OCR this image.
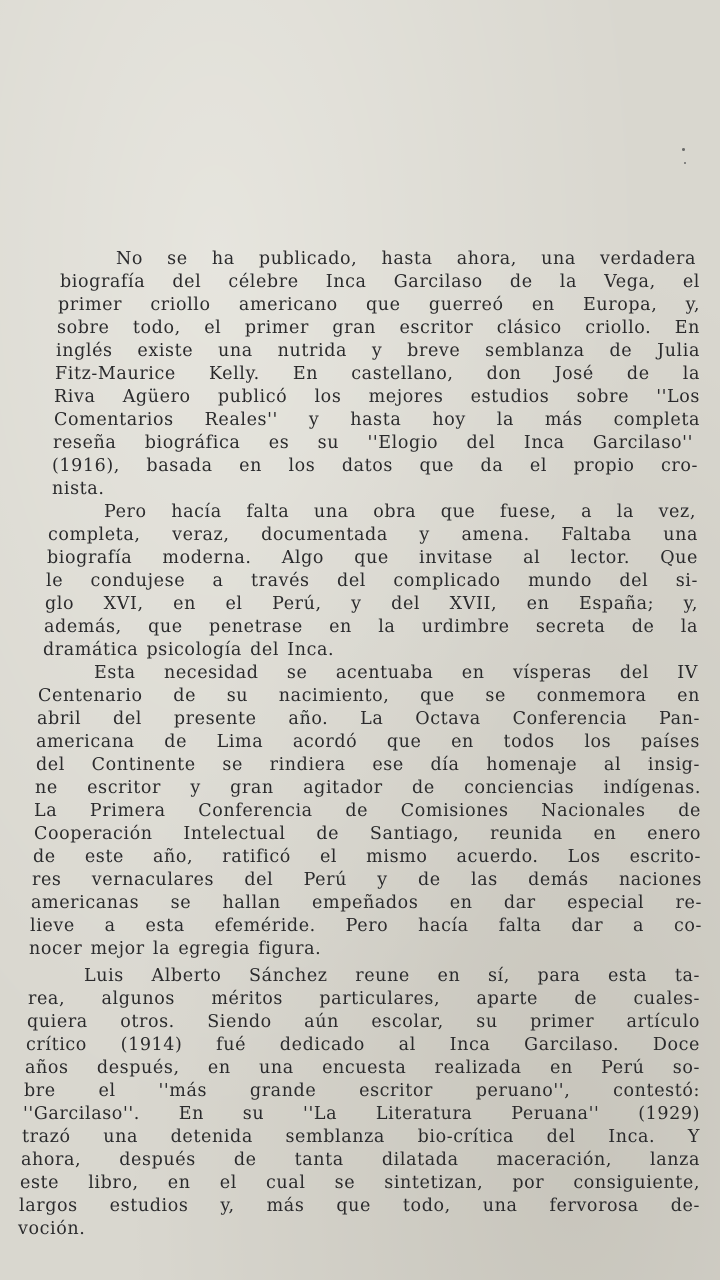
No se ha publicado, hasta ahora, una verdadera
biografía del célebre Inca Garcilaso de la Vega, el
primer criollo americano que guerreó en Europa, y,
sobre todo, el primer gran escritor clásico criollo. En
inglés existe una nutrida y breve semblanza de Julia
Fitz-Maurice Kelly. En castellano, don José de la
Riva Agüero publicó los mejores estudios sobre ''Los
Comentarios Reales'' y hasta hoy la más completa
reseña biográfica es su ''Elogio del Inca Garcilaso''
(1916), basada en los datos que da el propio cro-
nista.
Pero hacía falta una obra que fuese, a la vez,
completa, veraz, documentada y amena. Faltaba una
biografía moderna. Algo que invitase al lector. Que
le condujese a través del complicado mundo del si-
glo XVI, en el Perú, y del XVII, en España; y,
además, que penetrase en la urdimbre secreta de la
dramática psicología del Inca.
Esta necesidad se acentuaba en vísperas del IV
Centenario de su nacimiento, que se conmemora en
abril del presente año. La Octava Conferencia Pan-
americana de Lima acordó que en todos los países
del Continente se rindiera ese día homenaje al insig-
ne escritor y gran agitador de conciencias indígenas.
La Primera Conferencia de Comisiones Nacionales de
Cooperación Intelectual de Santiago, reunida en enero
de este año, ratificó el mismo acuerdo. Los escrito-
res vernaculares del Perú y de las demás naciones
americanas se hallan empeñados en dar especial re-
lieve a esta efeméride. Pero hacía falta dar a co-
nocer mejor la egregia figura.
Luis Alberto Sánchez reune en sí, para esta ta-
rea, algunos méritos particulares, aparte de cuales-
quiera otros. Siendo aún escolar, su primer artículo
crítico (1914) fué dedicado al Inca Garcilaso. Doce
años después, en una encuesta realizada en Perú so-
bre el ''más grande escritor peruano'', contestó:
''Garcilaso''. En su ''La Literatura Peruana'' (1929)
trazó una detenida semblanza bio-crítica del Inca. Y
ahora, después de tanta dilatada maceración, lanza
este libro, en el cual se sintetizan, por consiguiente,
largos estudios y, más que todo, una fervorosa de-
voción.
